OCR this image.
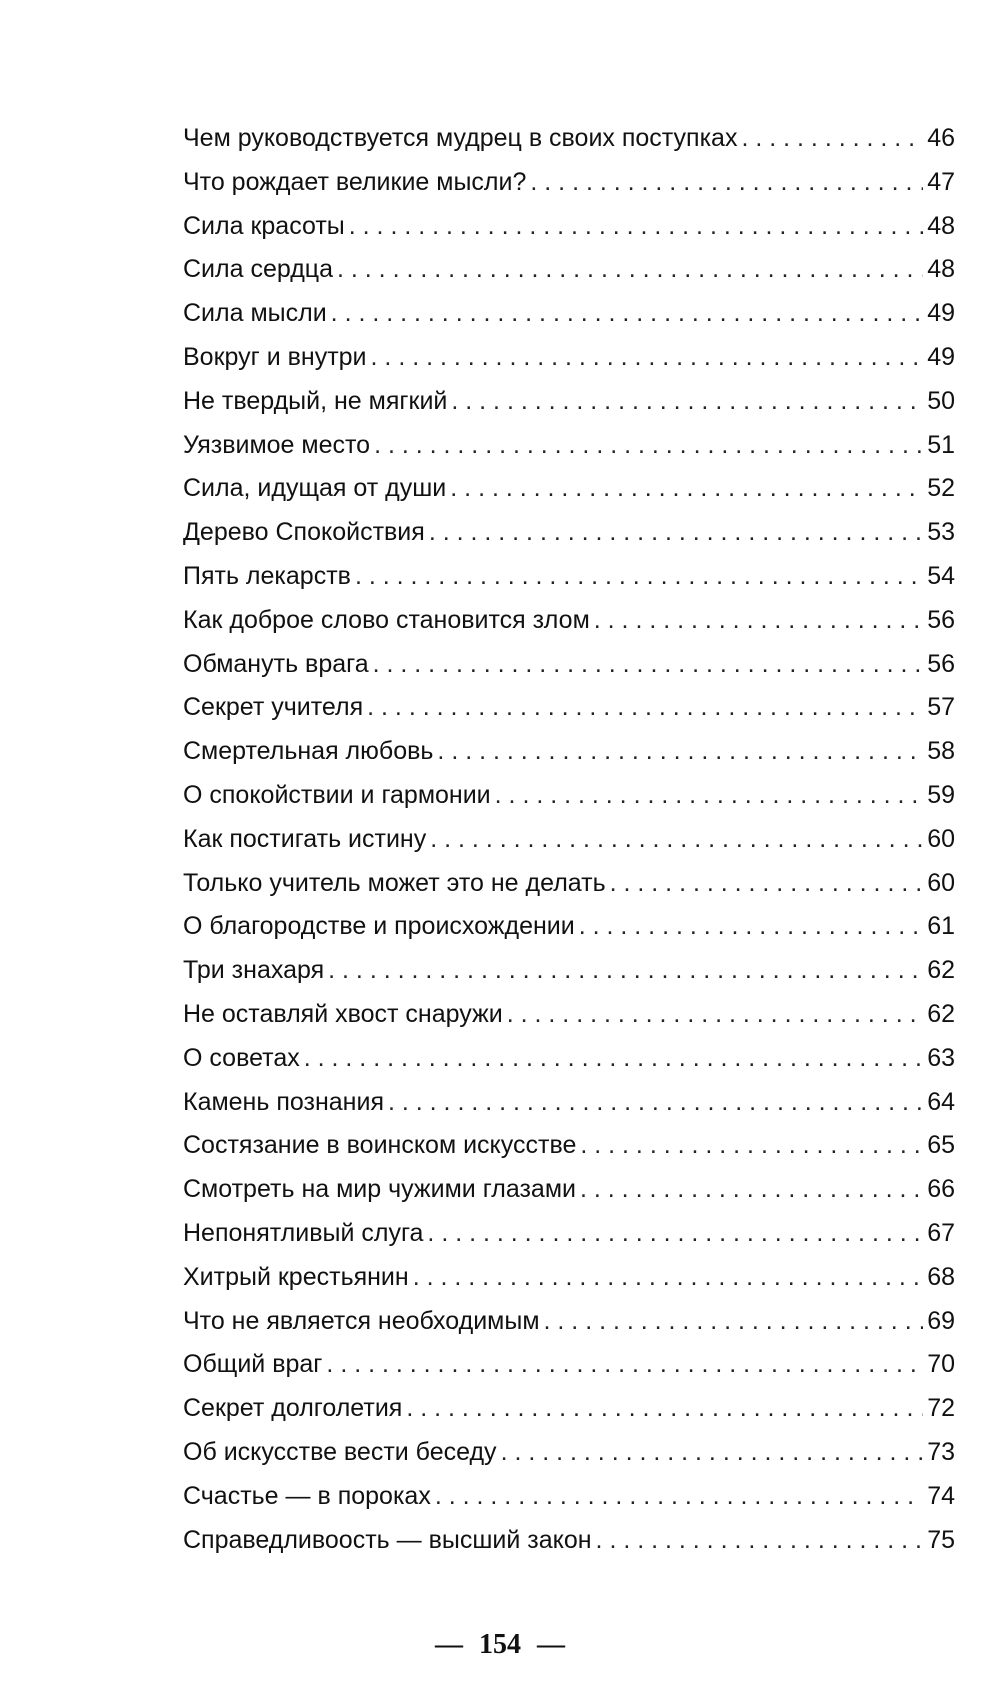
Чем руководствуется мудрец в своих поступках . . .	46
Что рождает великие мысли? . . .	47
Сила красоты . . .	48
Сила сердца . . .	48
Сила мысли . . .	49
Вокруг и внутри . . .	49
Не твердый, не мягкий . . .	50
Уязвимое место . . .	51
Сила, идущая от души . . .	52
Дерево Спокойствия . . .	53
Пять лекарств . . .	54
Как доброе слово становится злом . . .	56
Обмануть врага . . .	56
Секрет учителя . . .	57
Смертельная любовь . . .	58
О спокойствии и гармонии . . .	59
Как постигать истину . . .	60
Только учитель может это не делать . . .	60
О благородстве и происхождении . . .	61
Три знахаря . . .	62
Не оставляй хвост снаружи . . .	62
О советах . . .	63
Камень познания . . .	64
Состязание в воинском искусстве . . .	65
Смотреть на мир чужими глазами . . .	66
Непонятливый слуга . . .	67
Хитрый крестьянин . . .	68
Что не является необходимым . . .	69
Общий враг . . .	70
Секрет долголетия . . .	72
Об искусстве вести беседу . . .	73
Счастье — в пороках . . .	74
Справедливоость — высший закон . . .	75
— 154 —
